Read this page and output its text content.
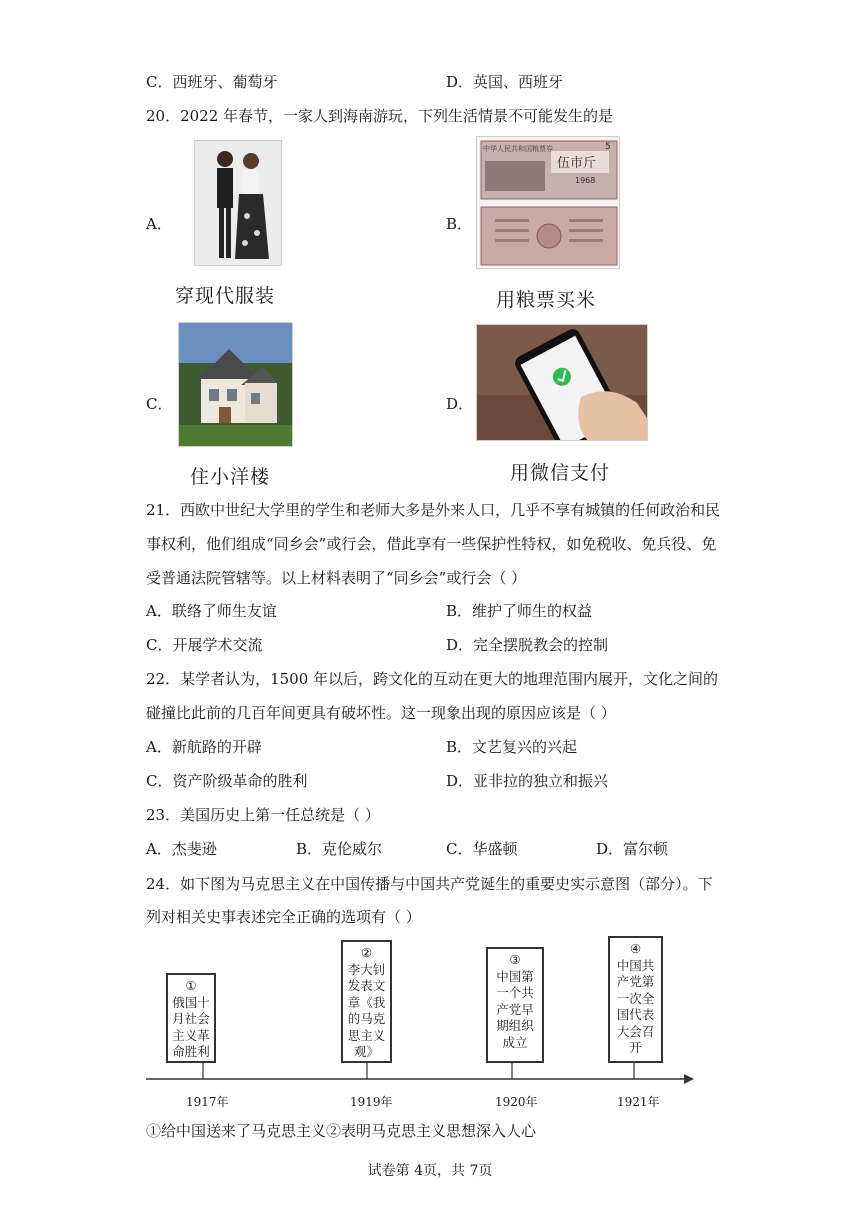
C．西班牙、葡萄牙	D．英国、西班牙
20．2022 年春节，一家人到海南游玩，下列生活情景不可能发生的是
A．
穿现代服装
B．
中华人民共和国粮票券
伍市斤
1968
5
用粮票买米
C．
住小洋楼
D．
用微信支付
21．西欧中世纪大学里的学生和老师大多是外来人口，几乎不享有城镇的任何政治和民
事权利，他们组成“同乡会”或行会，借此享有一些保护性特权，如免税收、免兵役、免
受普通法院管辖等。以上材料表明了“同乡会”或行会（ ）
A．联络了师生友谊	B．维护了师生的权益
C．开展学术交流	D．完全摆脱教会的控制
22．某学者认为，1500 年以后，跨文化的互动在更大的地理范围内展开，文化之间的
碰撞比此前的几百年间更具有破坏性。这一现象出现的原因应该是（ ）
A．新航路的开辟	B．文艺复兴的兴起
C．资产阶级革命的胜利	D．亚非拉的独立和振兴
23．美国历史上第一任总统是（ ）
A．杰斐逊	B．克伦威尔	C．华盛顿	D．富尔顿
24．如下图为马克思主义在中国传播与中国共产党诞生的重要史实示意图（部分）。下
列对相关史事表述完全正确的选项有（ ）
①
俄国十
月社会
主义革
命胜利
②
李大钊
发表文
章《我
的马克
思主义
观》
③
中国第
一个共
产党早
期组织
成立
④
中国共
产党第
一次全
国代表
大会召
开
1917年	1919年	1920年	1921年
①给中国送来了马克思主义②表明马克思主义思想深入人心
试卷第 4页，共 7页
